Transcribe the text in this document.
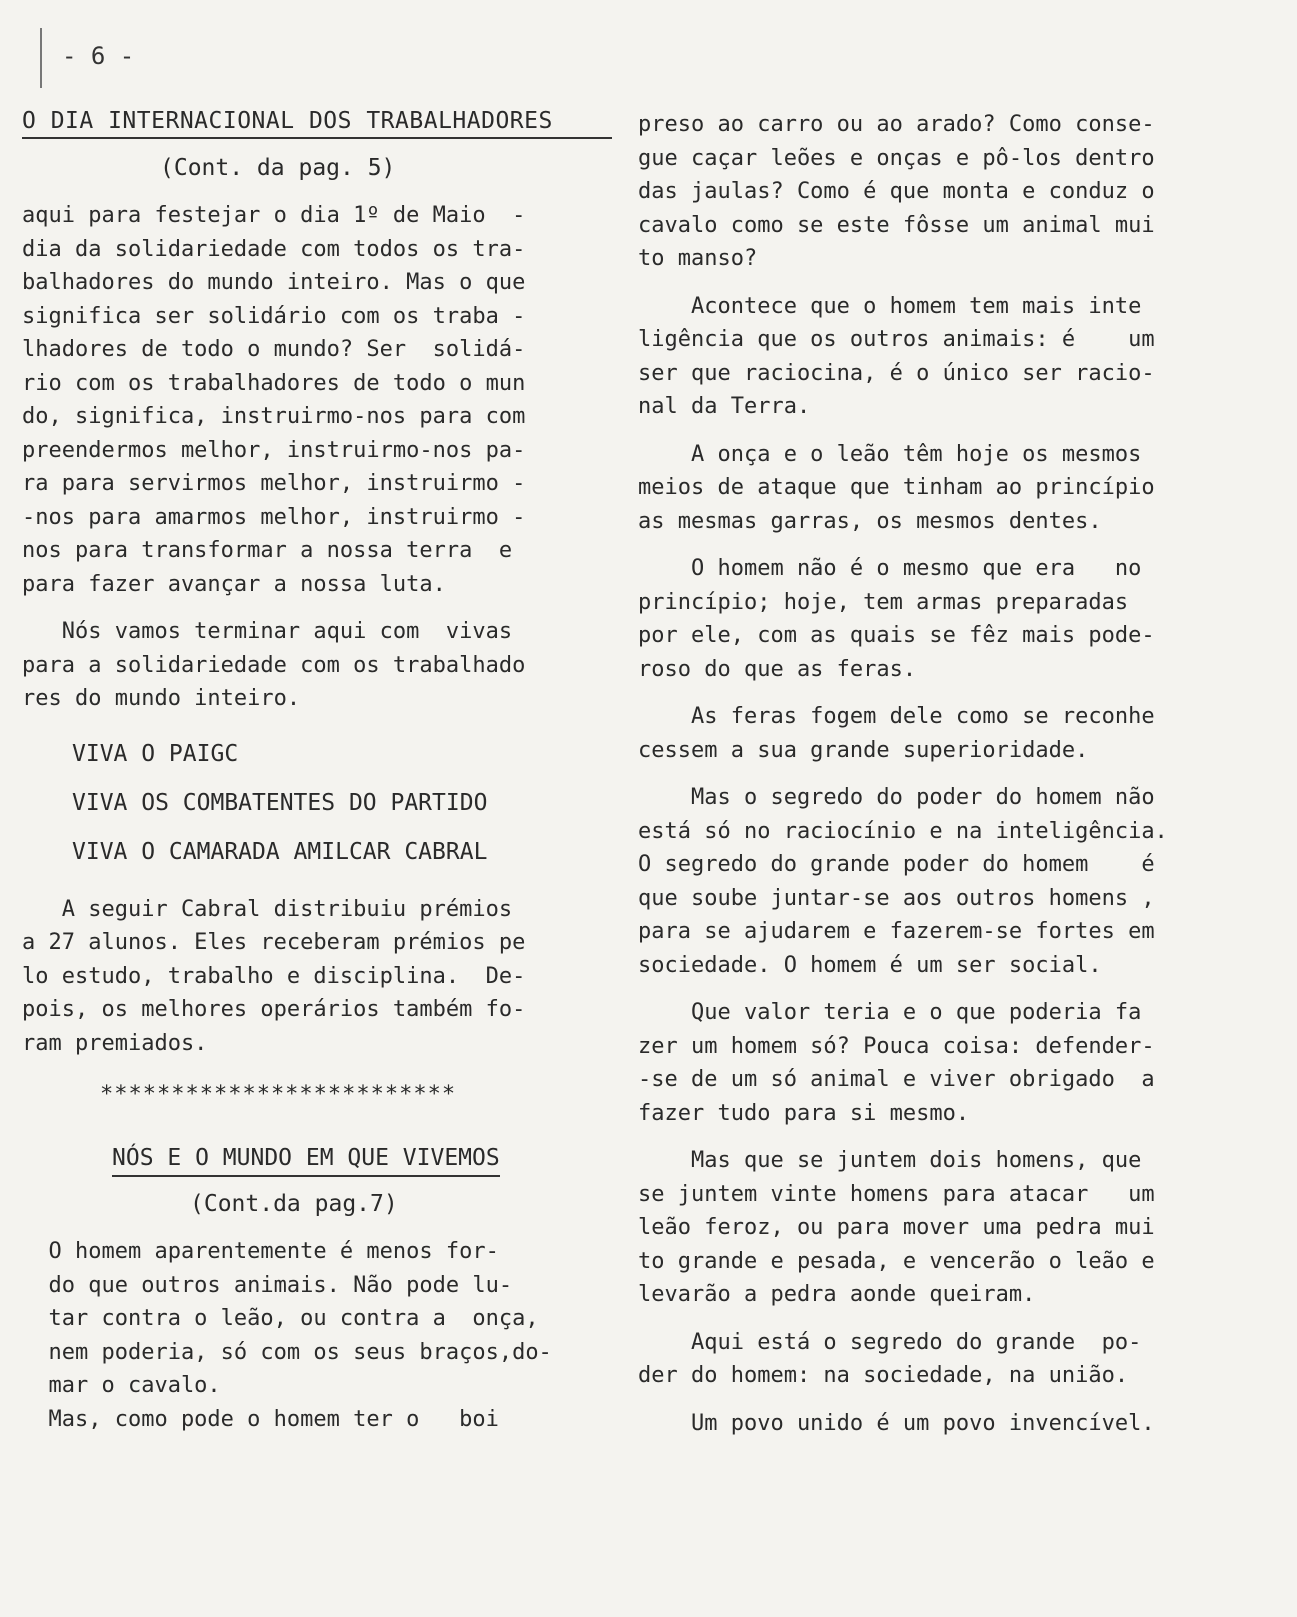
- 6 -
O DIA INTERNACIONAL DOS TRABALHADORES
(Cont. da pag. 5)
aqui para festejar o dia 1º de Maio  -
dia da solidariedade com todos os tra-
balhadores do mundo inteiro. Mas o que
significa ser solidário com os traba -
lhadores de todo o mundo? Ser  solidá-
rio com os trabalhadores de todo o mun
do, significa, instruirmo-nos para com
preendermos melhor, instruirmo-nos pa-
ra para servirmos melhor, instruirmo -
-nos para amarmos melhor, instruirmo -
nos para transformar a nossa terra  e
para fazer avançar a nossa luta.
Nós vamos terminar aqui com  vivas
para a solidariedade com os trabalhado
res do mundo inteiro.
VIVA O PAIGC
VIVA OS COMBATENTES DO PARTIDO
VIVA O CAMARADA AMILCAR CABRAL
A seguir Cabral distribuiu prémios
a 27 alunos. Eles receberam prémios pe
lo estudo, trabalho e disciplina.  De-
pois, os melhores operários também fo-
ram premiados.
*************************
NÓS E O MUNDO EM QUE VIVEMOS
(Cont.da pag.7)
O homem aparentemente é menos for-
do que outros animais. Não pode lu-
tar contra o leão, ou contra a  onça,
nem poderia, só com os seus braços,do-
mar o cavalo.
Mas, como pode o homem ter o   boi
preso ao carro ou ao arado? Como conse-
gue caçar leões e onças e pô-los dentro
das jaulas? Como é que monta e conduz o
cavalo como se este fôsse um animal mui
to manso?
Acontece que o homem tem mais inte
ligência que os outros animais: é    um
ser que raciocina, é o único ser racio-
nal da Terra.
A onça e o leão têm hoje os mesmos
meios de ataque que tinham ao princípio
as mesmas garras, os mesmos dentes.
O homem não é o mesmo que era   no
princípio; hoje, tem armas preparadas
por ele, com as quais se fêz mais pode-
roso do que as feras.
As feras fogem dele como se reconhe
cessem a sua grande superioridade.
Mas o segredo do poder do homem não
está só no raciocínio e na inteligência.
O segredo do grande poder do homem    é
que soube juntar-se aos outros homens ,
para se ajudarem e fazerem-se fortes em
sociedade. O homem é um ser social.
Que valor teria e o que poderia fa
zer um homem só? Pouca coisa: defender-
-se de um só animal e viver obrigado  a
fazer tudo para si mesmo.
Mas que se juntem dois homens, que
se juntem vinte homens para atacar   um
leão feroz, ou para mover uma pedra mui
to grande e pesada, e vencerão o leão e
levarão a pedra aonde queiram.
Aqui está o segredo do grande  po-
der do homem: na sociedade, na união.
Um povo unido é um povo invencível.
